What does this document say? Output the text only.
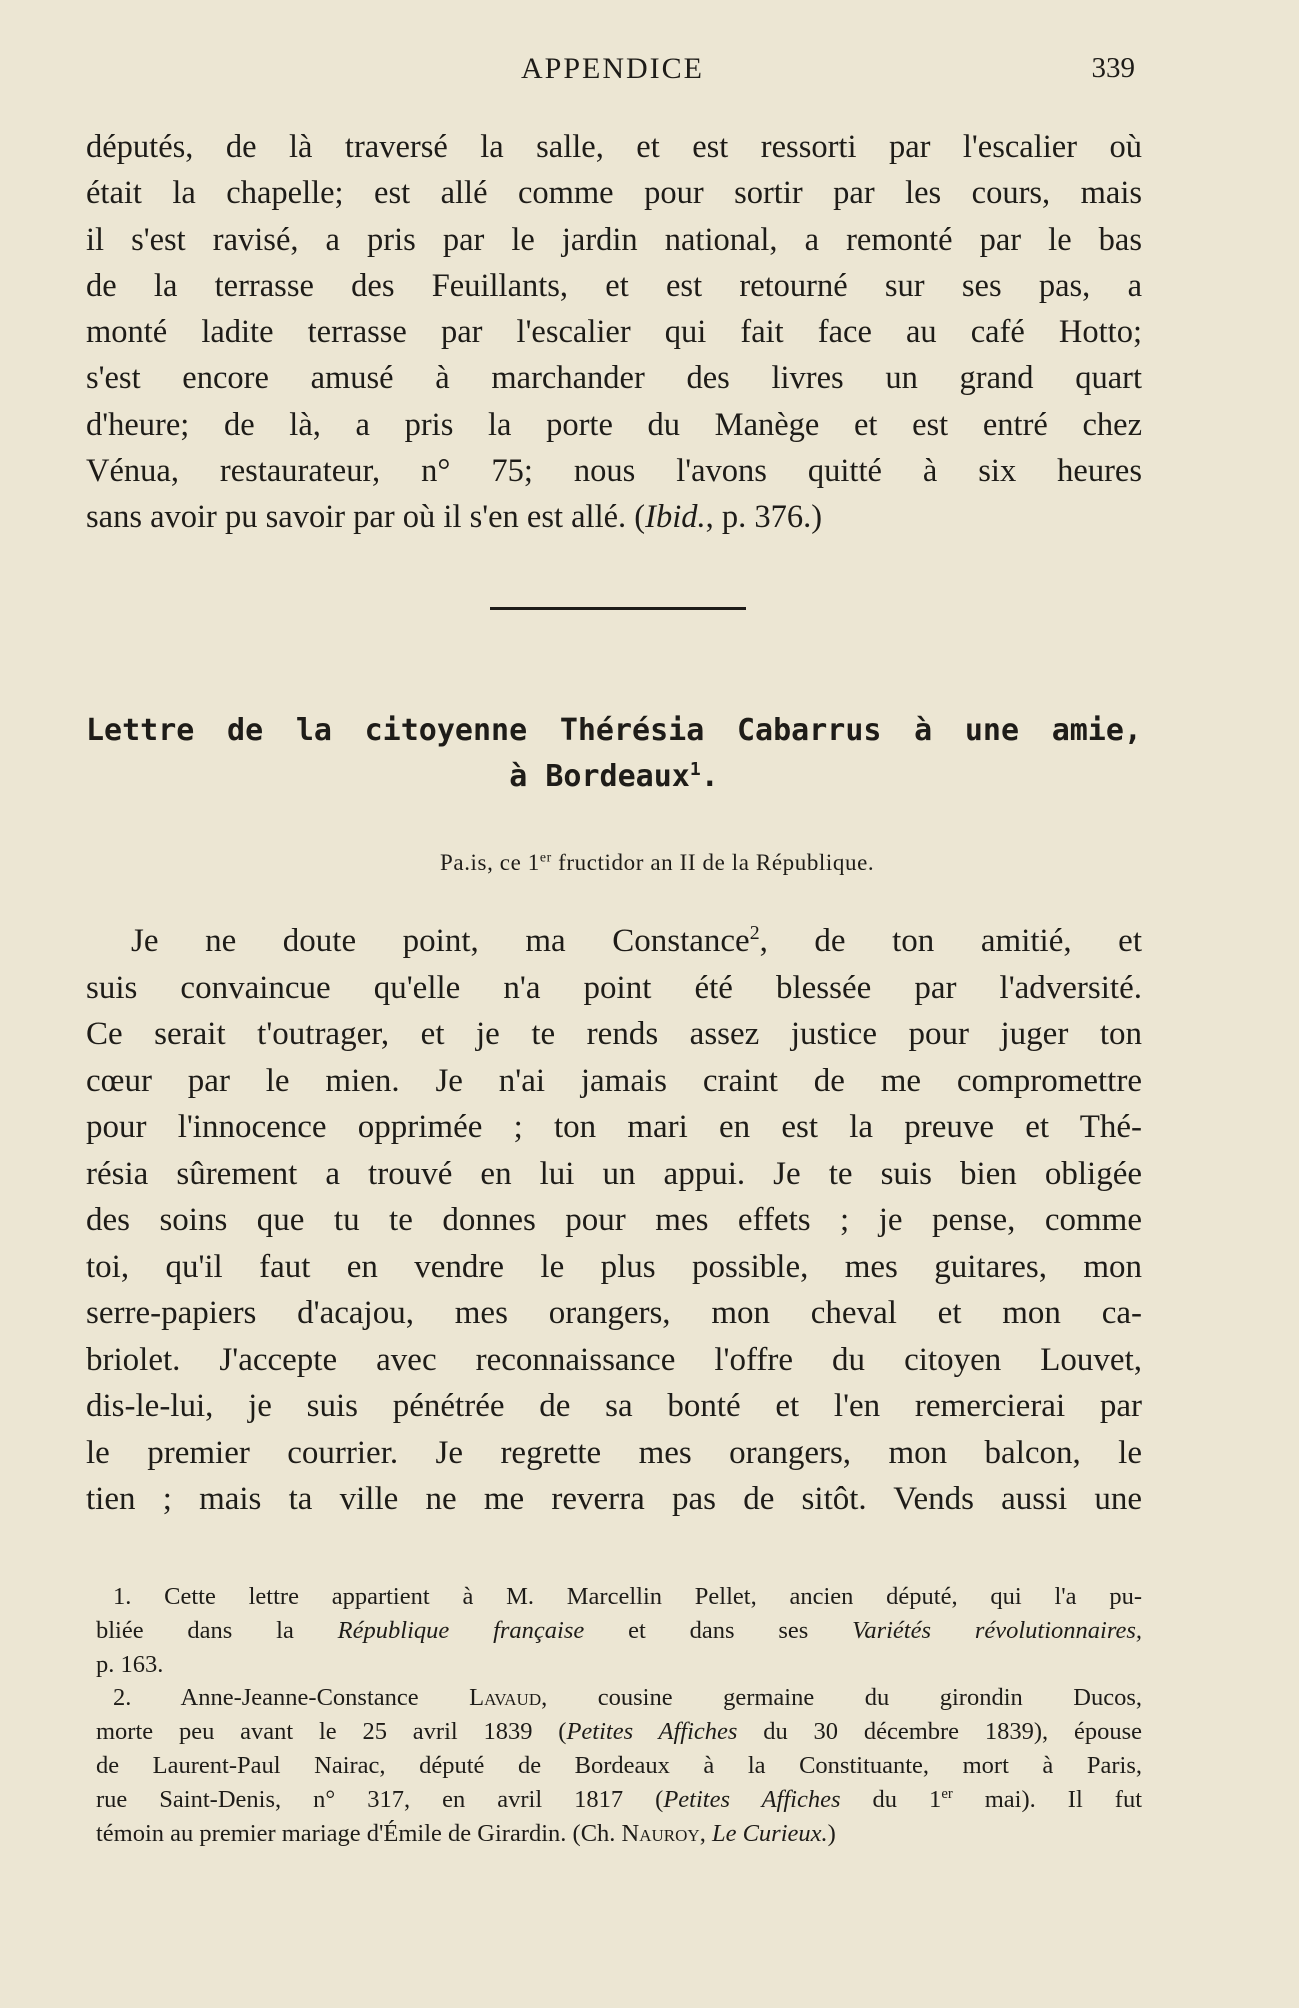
APPENDICE	339
députés, de là traversé la salle, et est ressorti par l'escalier où
était la chapelle; est allé comme pour sortir par les cours, mais
il s'est ravisé, a pris par le jardin national, a remonté par le bas
de la terrasse des Feuillants, et est retourné sur ses pas, a
monté ladite terrasse par l'escalier qui fait face au café Hotto;
s'est encore amusé à marchander des livres un grand quart
d'heure; de là, a pris la porte du Manège et est entré chez
Vénua, restaurateur, n° 75; nous l'avons quitté à six heures
sans avoir pu savoir par où il s'en est allé. (Ibid., p. 376.)
Lettre de la citoyenne Thérésia Cabarrus à une amie,
à Bordeaux$^1$.
Pa.is, ce 1er fructidor an II de la République.
Je ne doute point, ma Constance$^2$, de ton amitié, et
suis convaincue qu'elle n'a point été blessée par l'adversité.
Ce serait t'outrager, et je te rends assez justice pour juger ton
cœur par le mien. Je n'ai jamais craint de me compromettre
pour l'innocence opprimée ; ton mari en est la preuve et Thé-
résia sûrement a trouvé en lui un appui. Je te suis bien obligée
des soins que tu te donnes pour mes effets ; je pense, comme
toi, qu'il faut en vendre le plus possible, mes guitares, mon
serre-papiers d'acajou, mes orangers, mon cheval et mon ca-
briolet. J'accepte avec reconnaissance l'offre du citoyen Louvet,
dis-le-lui, je suis pénétrée de sa bonté et l'en remercierai par
le premier courrier. Je regrette mes orangers, mon balcon, le
tien ; mais ta ville ne me reverra pas de sitôt. Vends aussi une
1. Cette lettre appartient à M. Marcellin Pellet, ancien député, qui l'a pu-
bliée dans la République française et dans ses Variétés révolutionnaires,
p. 163.
2. Anne-Jeanne-Constance Lavaud, cousine germaine du girondin Ducos,
morte peu avant le 25 avril 1839 (Petites Affiches du 30 décembre 1839), épouse
de Laurent-Paul Nairac, député de Bordeaux à la Constituante, mort à Paris,
rue Saint-Denis, n° 317, en avril 1817 (Petites Affiches du 1er mai). Il fut
témoin au premier mariage d'Émile de Girardin. (Ch. Nauroy, Le Curieux.)
